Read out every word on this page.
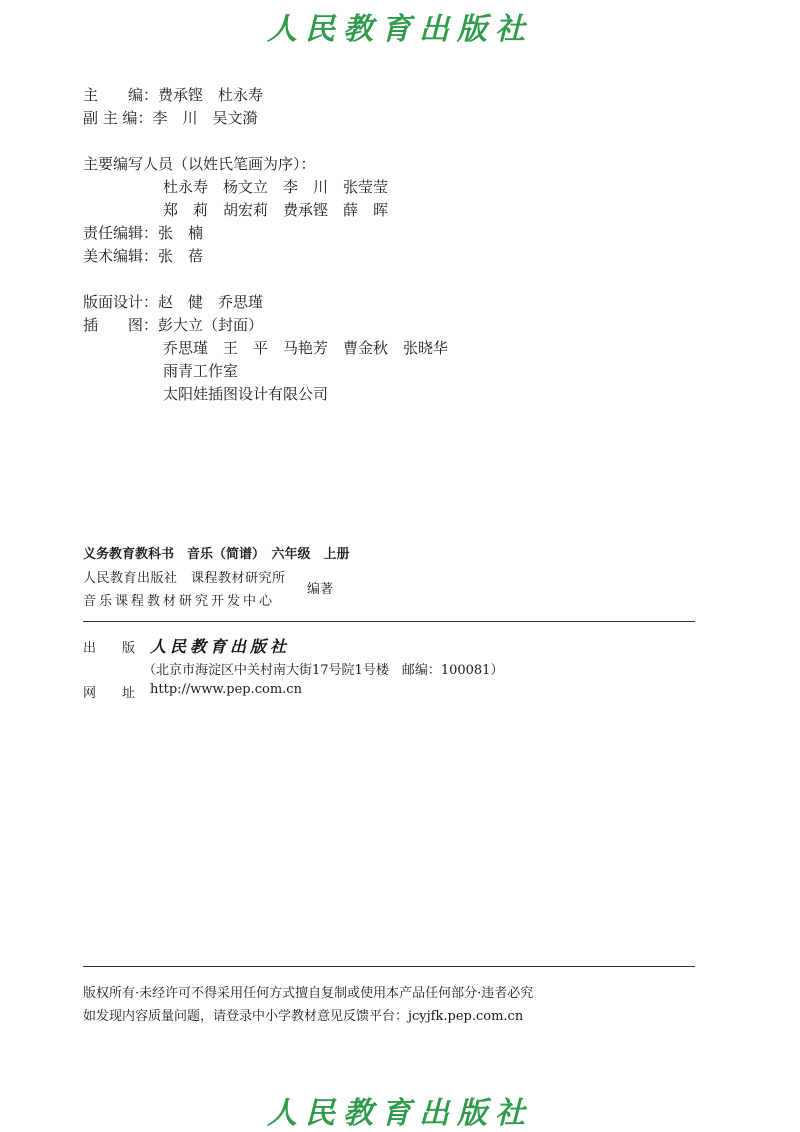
人民教育出版社
主　　编：费承铿　杜永寿
副 主 编：李　川　吴文漪
主要编写人员（以姓氏笔画为序）：
杜永寿　杨文立　李　川　张莹莹
郑　莉　胡宏莉　费承铿　薛　晖
责任编辑：张　楠
美术编辑：张　蓓
版面设计：赵　健　乔思瑾
插　　图：彭大立（封面）
乔思瑾　王　平　马艳芳　曹金秋　张晓华
雨青工作室
太阳娃插图设计有限公司
义务教育教科书　音乐（简谱）　六年级　上册
人民教育出版社　课程教材研究所
音乐课程教材研究开发中心
编著
出　　版 人民教育出版社
（北京市海淀区中关村南大街17号院1号楼　邮编：100081）
网　　址 http://www.pep.com.cn
版权所有·未经许可不得采用任何方式擅自复制或使用本产品任何部分·违者必究
如发现内容质量问题，请登录中小学教材意见反馈平台：jcyjfk.pep.com.cn
人民教育出版社
